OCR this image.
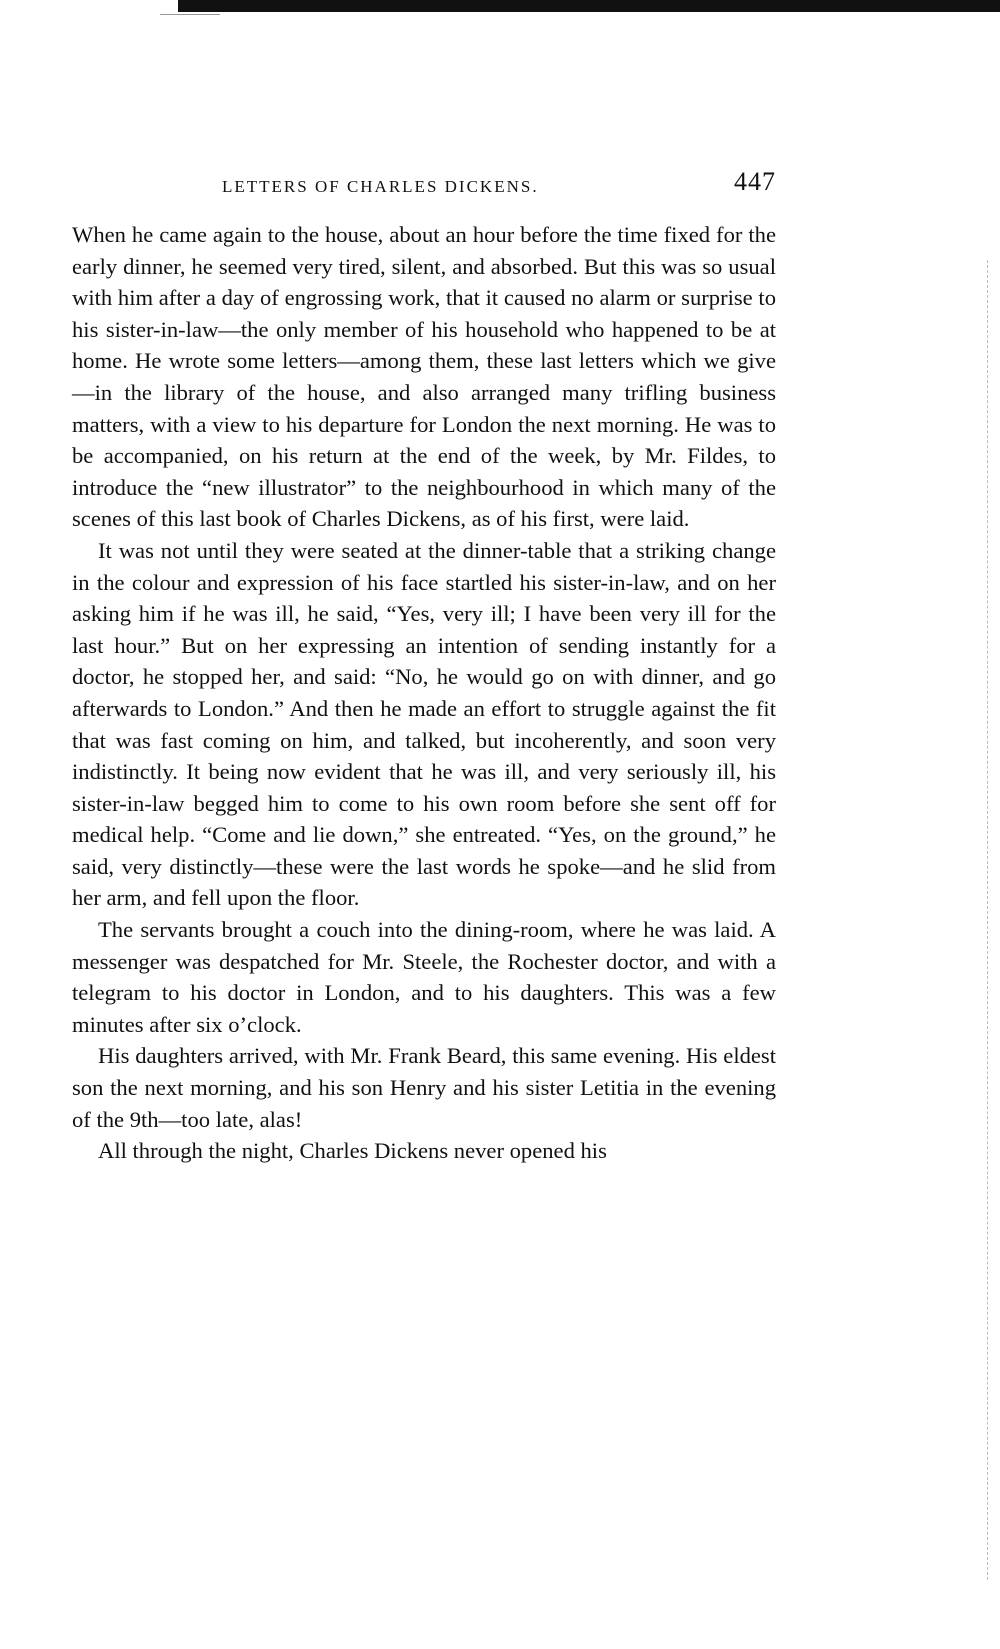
LETTERS OF CHARLES DICKENS.	447

When he came again to the house, about an hour before the time fixed for the early dinner, he seemed very tired, silent, and absorbed. But this was so usual with him after a day of engrossing work, that it caused no alarm or surprise to his sister-in-law—the only member of his household who happened to be at home. He wrote some letters—among them, these last letters which we give—in the library of the house, and also arranged many trifling business matters, with a view to his departure for London the next morning. He was to be accompanied, on his return at the end of the week, by Mr. Fildes, to introduce the “new illustrator” to the neighbourhood in which many of the scenes of this last book of Charles Dickens, as of his first, were laid.

It was not until they were seated at the dinner-table that a striking change in the colour and expression of his face startled his sister-in-law, and on her asking him if he was ill, he said, “Yes, very ill; I have been very ill for the last hour.” But on her expressing an intention of sending instantly for a doctor, he stopped her, and said: “No, he would go on with dinner, and go afterwards to London.” And then he made an effort to struggle against the fit that was fast coming on him, and talked, but incoherently, and soon very indistinctly. It being now evident that he was ill, and very seriously ill, his sister-in-law begged him to come to his own room before she sent off for medical help. “Come and lie down,” she entreated. “Yes, on the ground,” he said, very distinctly—these were the last words he spoke—and he slid from her arm, and fell upon the floor.

The servants brought a couch into the dining-room, where he was laid. A messenger was despatched for Mr. Steele, the Rochester doctor, and with a telegram to his doctor in London, and to his daughters. This was a few minutes after six o’clock.

His daughters arrived, with Mr. Frank Beard, this same evening. His eldest son the next morning, and his son Henry and his sister Letitia in the evening of the 9th—too late, alas!

All through the night, Charles Dickens never opened his
